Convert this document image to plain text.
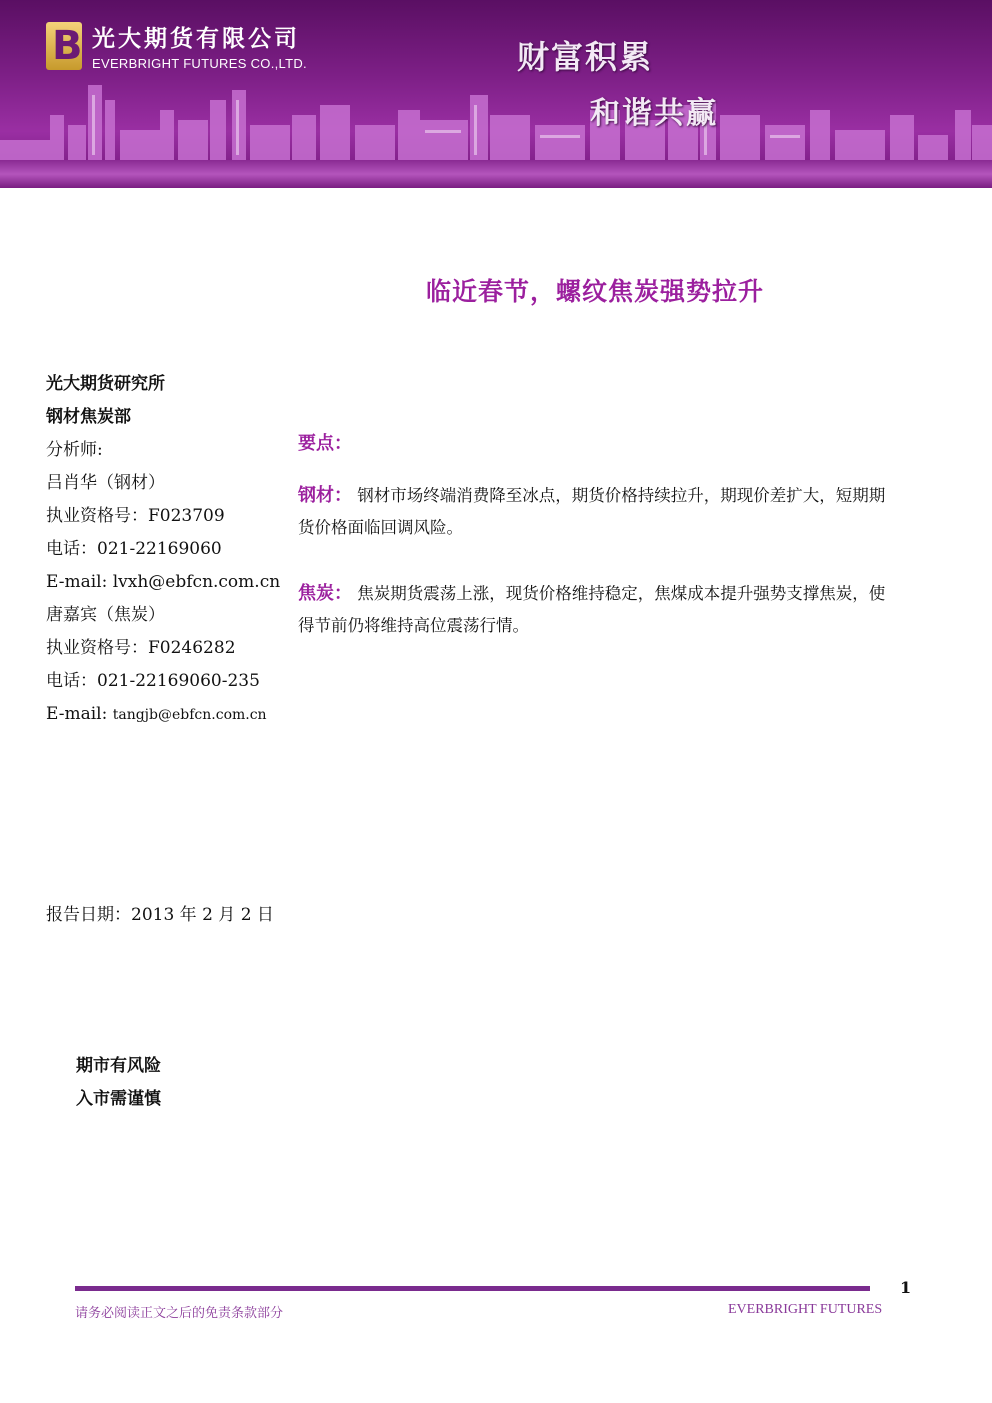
B 光大期货有限公司
EVERBRIGHT FUTURES CO.,LTD.	财富积累
和谐共赢
临近春节，螺纹焦炭强势拉升
光大期货研究所
钢材焦炭部
分析师:
吕肖华（钢材）
执业资格号：F023709
电话：021-22169060
E-mail: lvxh@ebfcn.com.cn
唐嘉宾（焦炭）
执业资格号：F0246282
电话：021-22169060-235
E-mail: tangjb@ebfcn.com.cn
报告日期：2013 年 2 月 2 日
期市有风险
入市需谨慎
要点：

钢材： 钢材市场终端消费降至冰点，期货价格持续拉升，期现价差扩大，短期期货价格面临回调风险。

焦炭： 焦炭期货震荡上涨，现货价格维持稳定，焦煤成本提升强势支撑焦炭，使得节前仍将维持高位震荡行情。

1
请务必阅读正文之后的免责条款部分	EVERBRIGHT FUTURES
